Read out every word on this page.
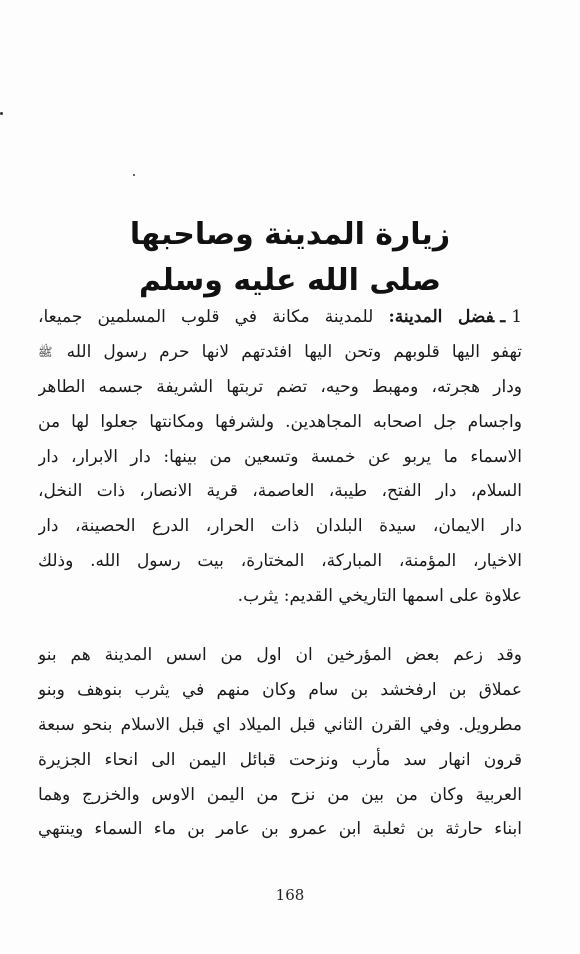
زيارة المدينة وصاحبها
صلى الله عليه وسلم
1ـفضل المدينة: للمدينة مكانة في قلوب المسلمين جميعا،
تهفو اليها قلوبهم وتحن اليها افئدتهم لانها حرم رسول الله $^ﷺ$
ودار هجرته، ومهبط وحيه، تضم تربتها الشريفة جسمه الطاهر
واجسام جل اصحابه المجاهدين. ولشرفها ومكانتها جعلوا لها من
الاسماء ما يربو عن خمسة وتسعين من بينها: دار الابرار، دار
السلام، دار الفتح، طيبة، العاصمة، قرية الانصار، ذات النخل،
دار الايمان، سيدة البلدان ذات الحرار، الدرع الحصينة، دار
الاخيار، المؤمنة، المباركة، المختارة، بيت رسول الله. وذلك
علاوة على اسمها التاريخي القديم: يثرب.
وقد زعم بعض المؤرخين ان اول من اسس المدينة هم بنو
عملاق بن ارفخشد بن سام وكان منهم في يثرب بنوهف وبنو
مطرويل. وفي القرن الثاني قبل الميلاد اي قبل الاسلام بنحو سبعة
قرون انهار سد مأرب ونزحت قبائل اليمن الى انحاء الجزيرة
العربية وكان من بين من نزح من اليمن الاوس والخزرج وهما
ابناء حارثة بن ثعلبة ابن عمرو بن عامر بن ماء السماء وينتهي
168
